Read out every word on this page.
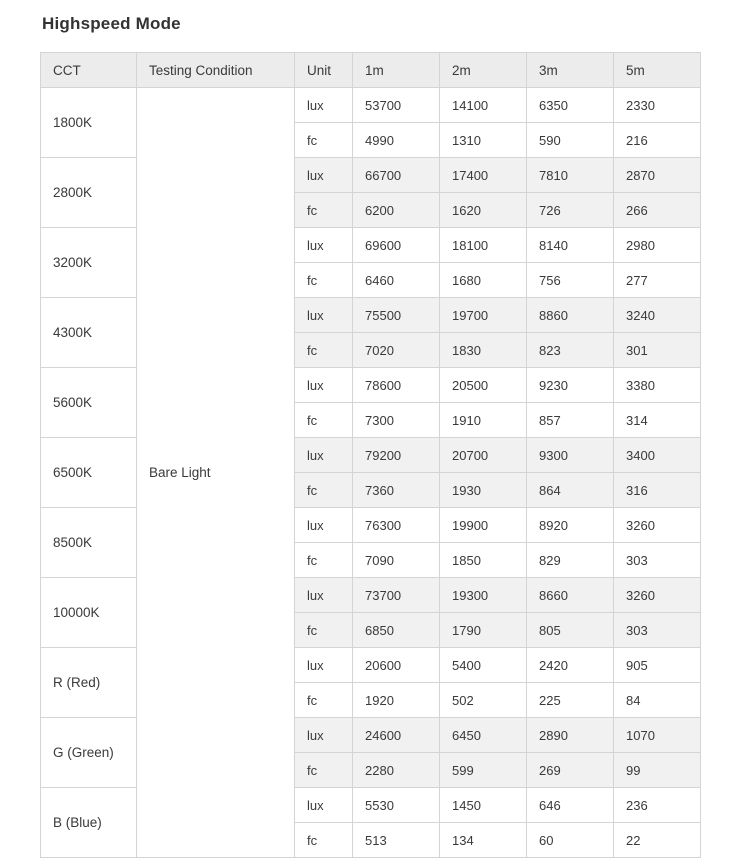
Highspeed Mode
CCT	Testing Condition	Unit	1m	2m	3m	5m
1800K	Bare Light	lux	53700	14100	6350	2330
		fc	4990	1310	590	216
2800K		lux	66700	17400	7810	2870
		fc	6200	1620	726	266
3200K		lux	69600	18100	8140	2980
		fc	6460	1680	756	277
4300K		lux	75500	19700	8860	3240
		fc	7020	1830	823	301
5600K		lux	78600	20500	9230	3380
		fc	7300	1910	857	314
6500K		lux	79200	20700	9300	3400
		fc	7360	1930	864	316
8500K		lux	76300	19900	8920	3260
		fc	7090	1850	829	303
10000K		lux	73700	19300	8660	3260
		fc	6850	1790	805	303
R (Red)		lux	20600	5400	2420	905
		fc	1920	502	225	84
G (Green)		lux	24600	6450	2890	1070
		fc	2280	599	269	99
B (Blue)		lux	5530	1450	646	236
		fc	513	134	60	22
